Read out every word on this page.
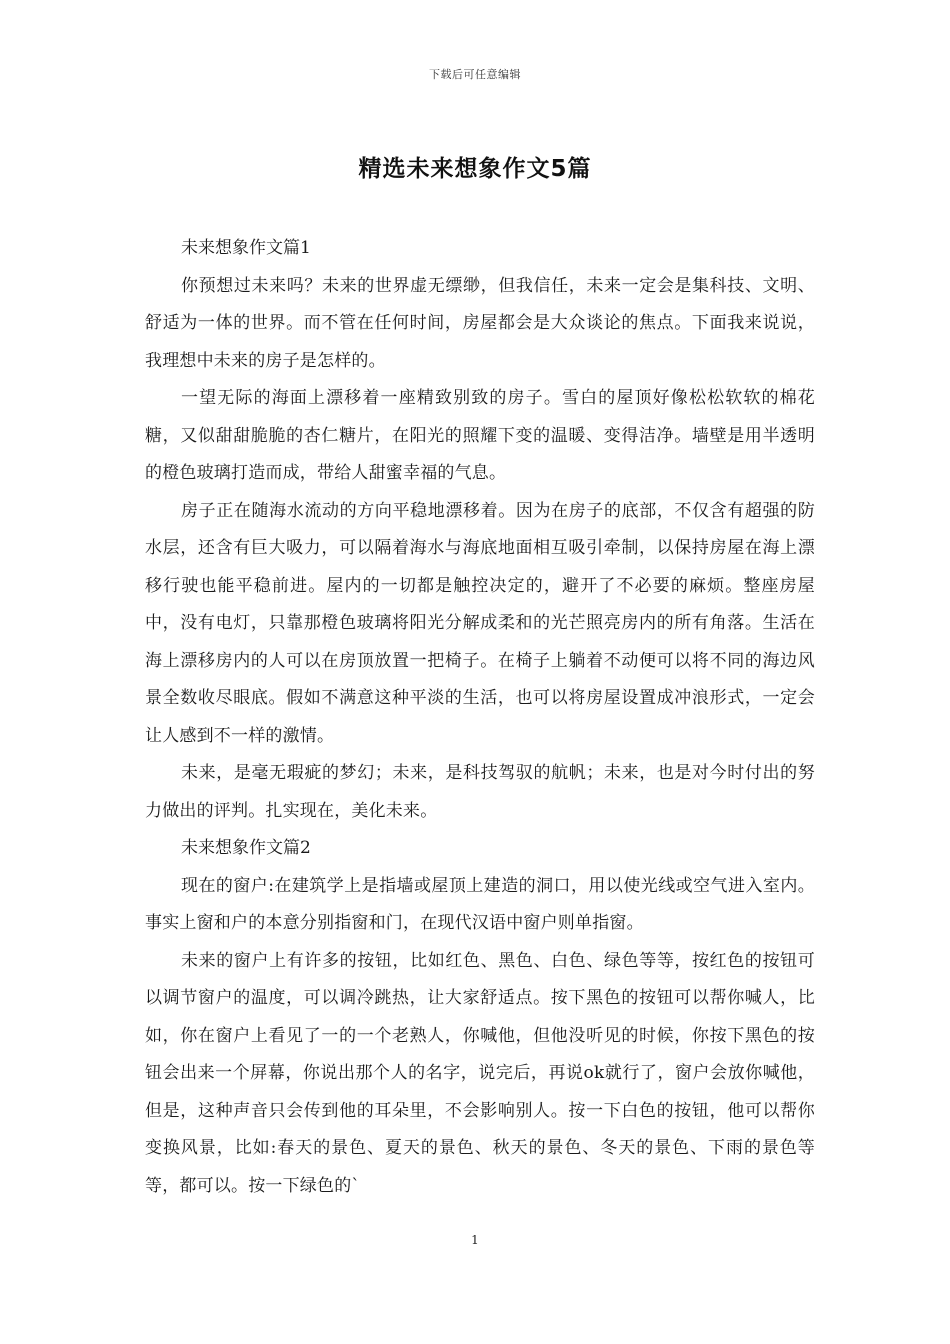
下载后可任意编辑
精选未来想象作文5篇

未来想象作文篇1

你预想过未来吗？未来的世界虚无缥缈，但我信任，未来一定会是集科技、文明、舒适为一体的世界。而不管在任何时间，房屋都会是大众谈论的焦点。下面我来说说，我理想中未来的房子是怎样的。

一望无际的海面上漂移着一座精致别致的房子。雪白的屋顶好像松松软软的棉花糖，又似甜甜脆脆的杏仁糖片，在阳光的照耀下变的温暖、变得洁净。墙壁是用半透明的橙色玻璃打造而成，带给人甜蜜幸福的气息。

房子正在随海水流动的方向平稳地漂移着。因为在房子的底部，不仅含有超强的防水层，还含有巨大吸力，可以隔着海水与海底地面相互吸引牵制，以保持房屋在海上漂移行驶也能平稳前进。屋内的一切都是触控决定的，避开了不必要的麻烦。整座房屋中，没有电灯，只靠那橙色玻璃将阳光分解成柔和的光芒照亮房内的所有角落。生活在海上漂移房内的人可以在房顶放置一把椅子。在椅子上躺着不动便可以将不同的海边风景全数收尽眼底。假如不满意这种平淡的生活，也可以将房屋设置成冲浪形式，一定会让人感到不一样的激情。

未来，是毫无瑕疵的梦幻；未来，是科技驾驭的航帆；未来，也是对今时付出的努力做出的评判。扎实现在，美化未来。

未来想象作文篇2

现在的窗户:在建筑学上是指墙或屋顶上建造的洞口，用以使光线或空气进入室内。事实上窗和户的本意分别指窗和门，在现代汉语中窗户则单指窗。

未来的窗户上有许多的按钮，比如红色、黑色、白色、绿色等等，按红色的按钮可以调节窗户的温度，可以调冷跳热，让大家舒适点。按下黑色的按钮可以帮你喊人，比如，你在窗户上看见了一的一个老熟人，你喊他，但他没听见的时候，你按下黑色的按钮会出来一个屏幕，你说出那个人的名字，说完后，再说ok就行了，窗户会放你喊他，但是，这种声音只会传到他的耳朵里，不会影响别人。按一下白色的按钮，他可以帮你变换风景，比如:春天的景色、夏天的景色、秋天的景色、冬天的景色、下雨的景色等等，都可以。按一下绿色的`

1
